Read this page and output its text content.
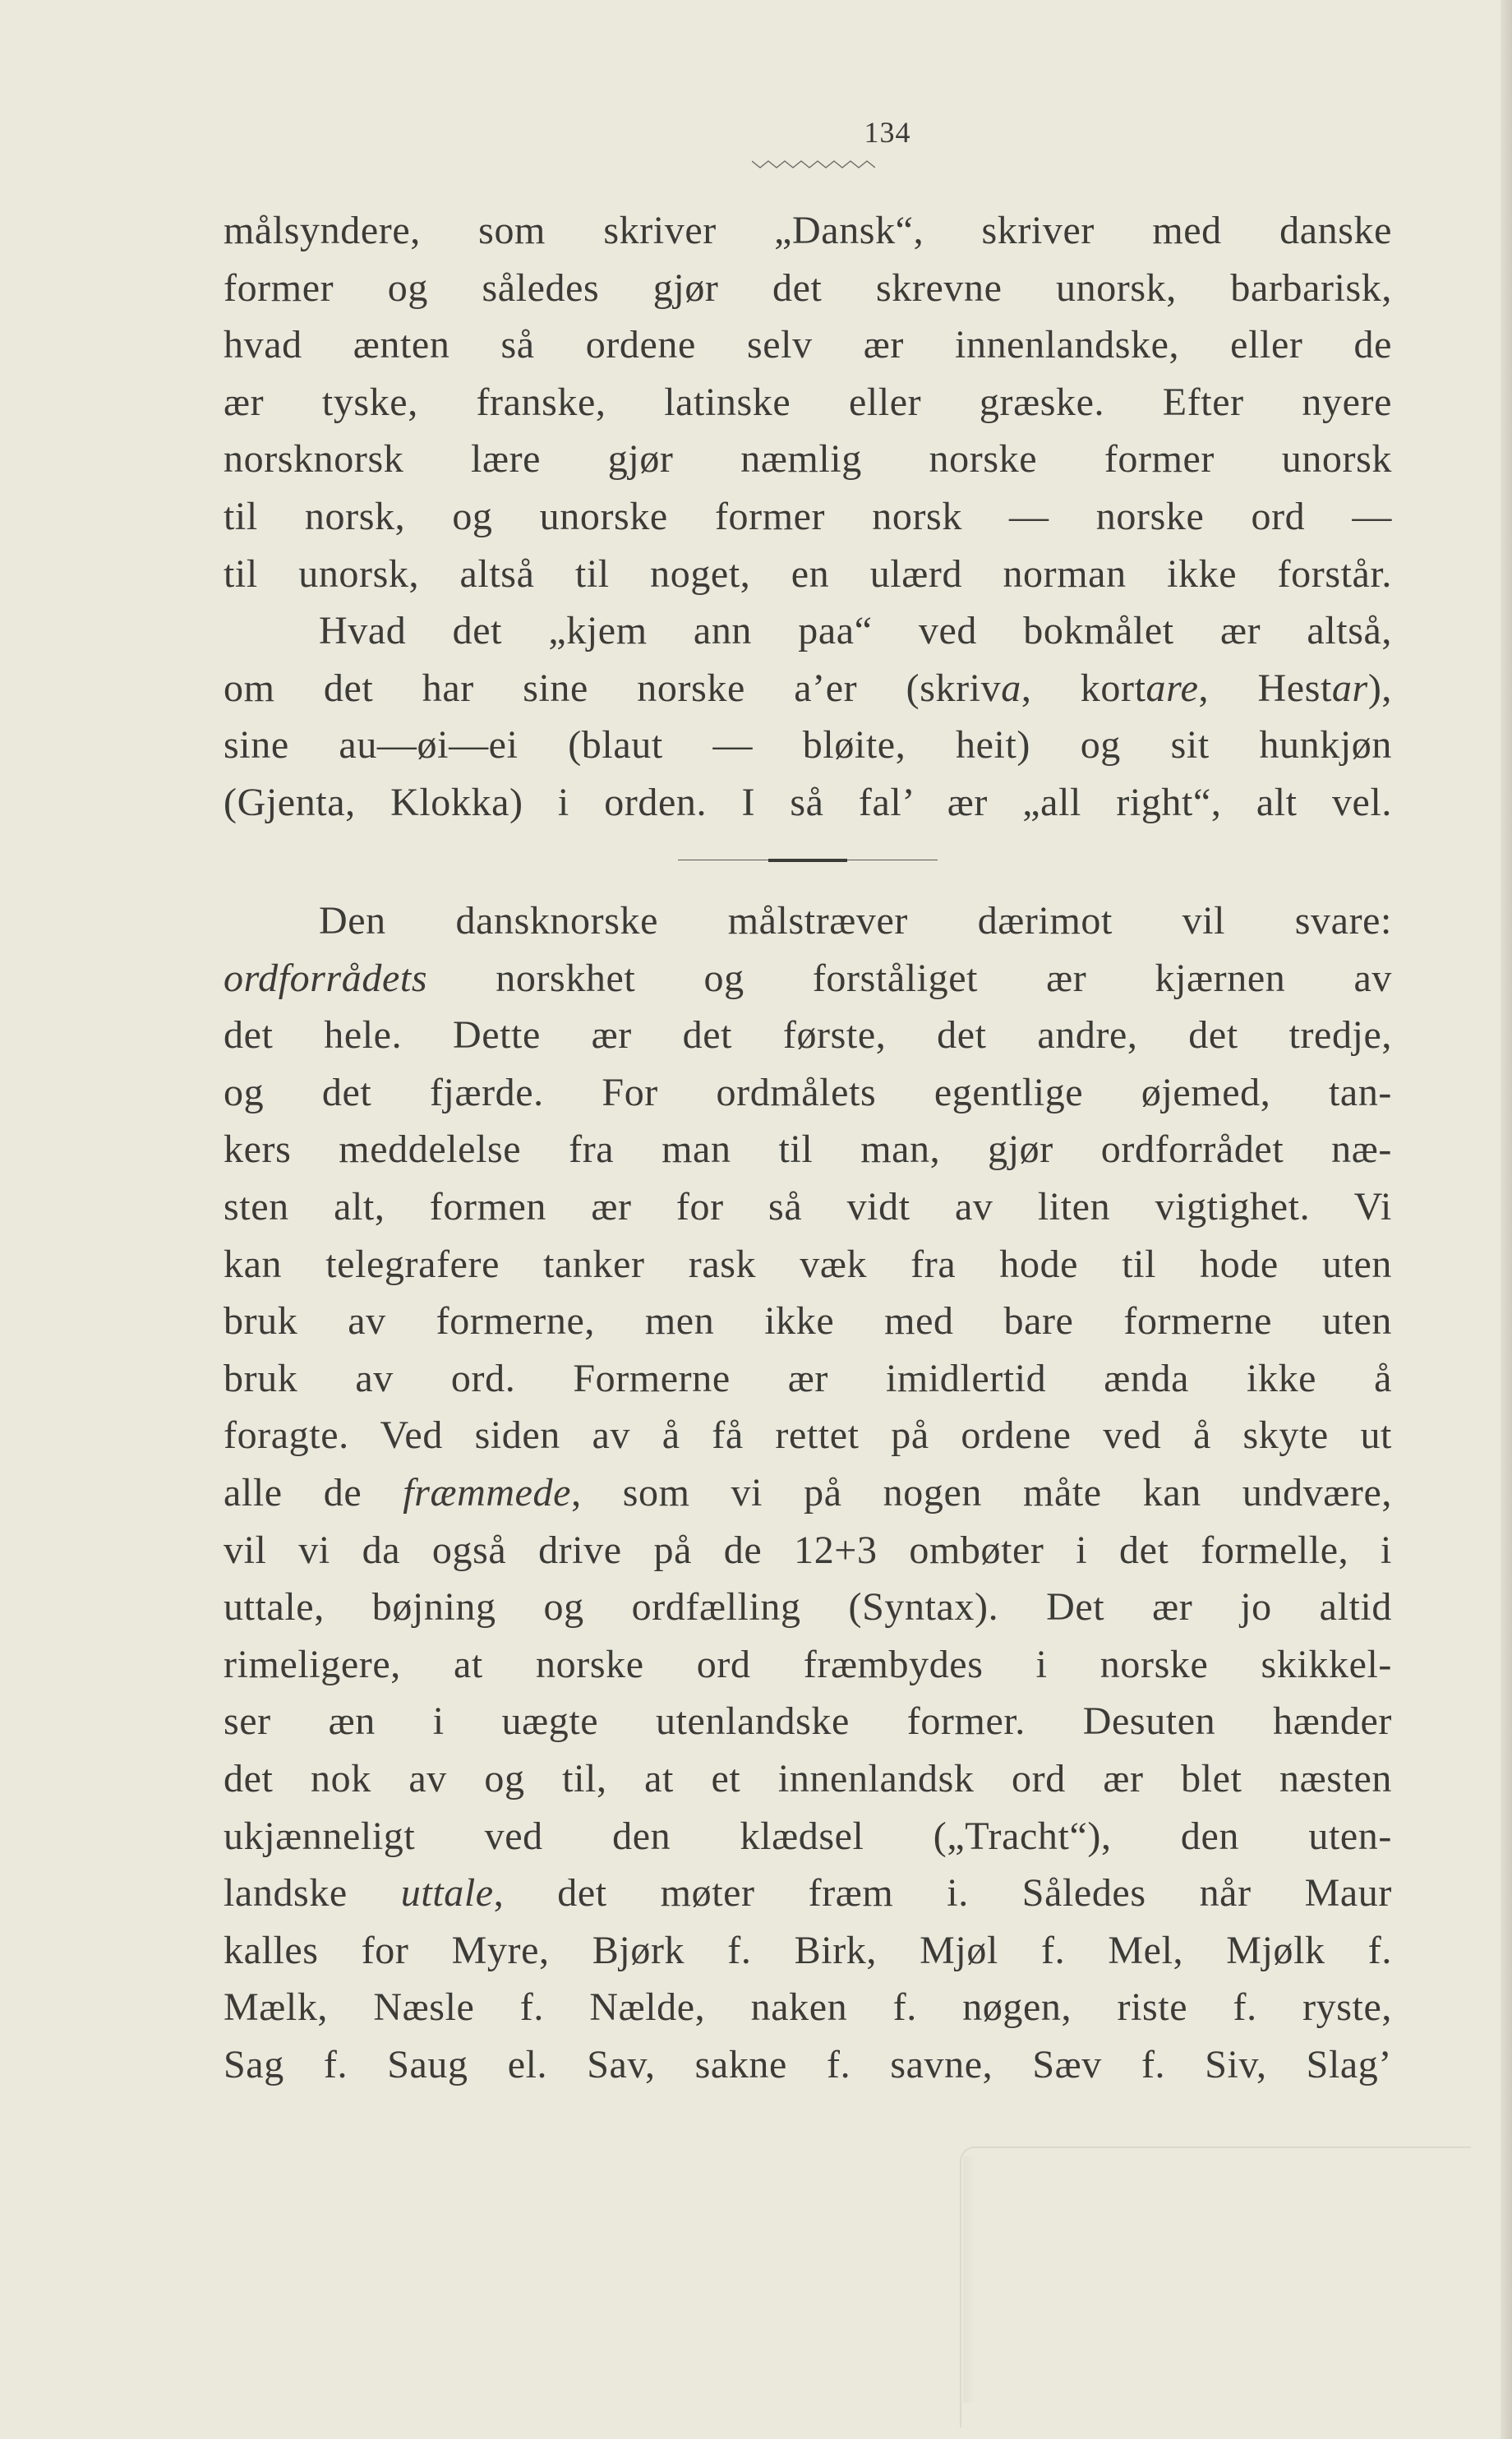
134
målsyndere, som skriver „Dansk“, skriver med danske
former og således gjør det skrevne unorsk, barbarisk,
hvad ænten så ordene selv ær innenlandske, eller de
ær tyske, franske, latinske eller græske. Efter nyere
norsknorsk lære gjør næmlig norske former unorsk
til norsk, og unorske former norsk — norske ord —
til unorsk, altså til noget, en ulærd norman ikke forstår.
Hvad det „kjem ann paa“ ved bokmålet ær altså,
om det har sine norske a’er (skriva, kortare, Hestar),
sine au—øi—ei (blaut — bløite, heit) og sit hunkjøn
(Gjenta, Klokka) i orden. I så fal’ ær „all right“, alt vel.
Den dansknorske målstræver dærimot vil svare:
ordforrådets norskhet og forståliget ær kjærnen av
det hele. Dette ær det første, det andre, det tredje,
og det fjærde. For ordmålets egentlige øjemed, tan-
kers meddelelse fra man til man, gjør ordforrådet næ-
sten alt, formen ær for så vidt av liten vigtighet. Vi
kan telegrafere tanker rask væk fra hode til hode uten
bruk av formerne, men ikke med bare formerne uten
bruk av ord. Formerne ær imidlertid ænda ikke å
foragte. Ved siden av å få rettet på ordene ved å skyte ut
alle de fræmmede, som vi på nogen måte kan undvære,
vil vi da også drive på de 12+3 ombøter i det formelle, i
uttale, bøjning og ordfælling (Syntax). Det ær jo altid
rimeligere, at norske ord fræmbydes i norske skikkel-
ser æn i uægte utenlandske former. Desuten hænder
det nok av og til, at et innenlandsk ord ær blet næsten
ukjænneligt ved den klædsel („Tracht“), den uten-
landske uttale, det møter fræm i. Således når Maur
kalles for Myre, Bjørk f. Birk, Mjøl f. Mel, Mjølk f.
Mælk, Næsle f. Nælde, naken f. nøgen, riste f. ryste,
Sag f. Saug el. Sav, sakne f. savne, Sæv f. Siv, Slag’
